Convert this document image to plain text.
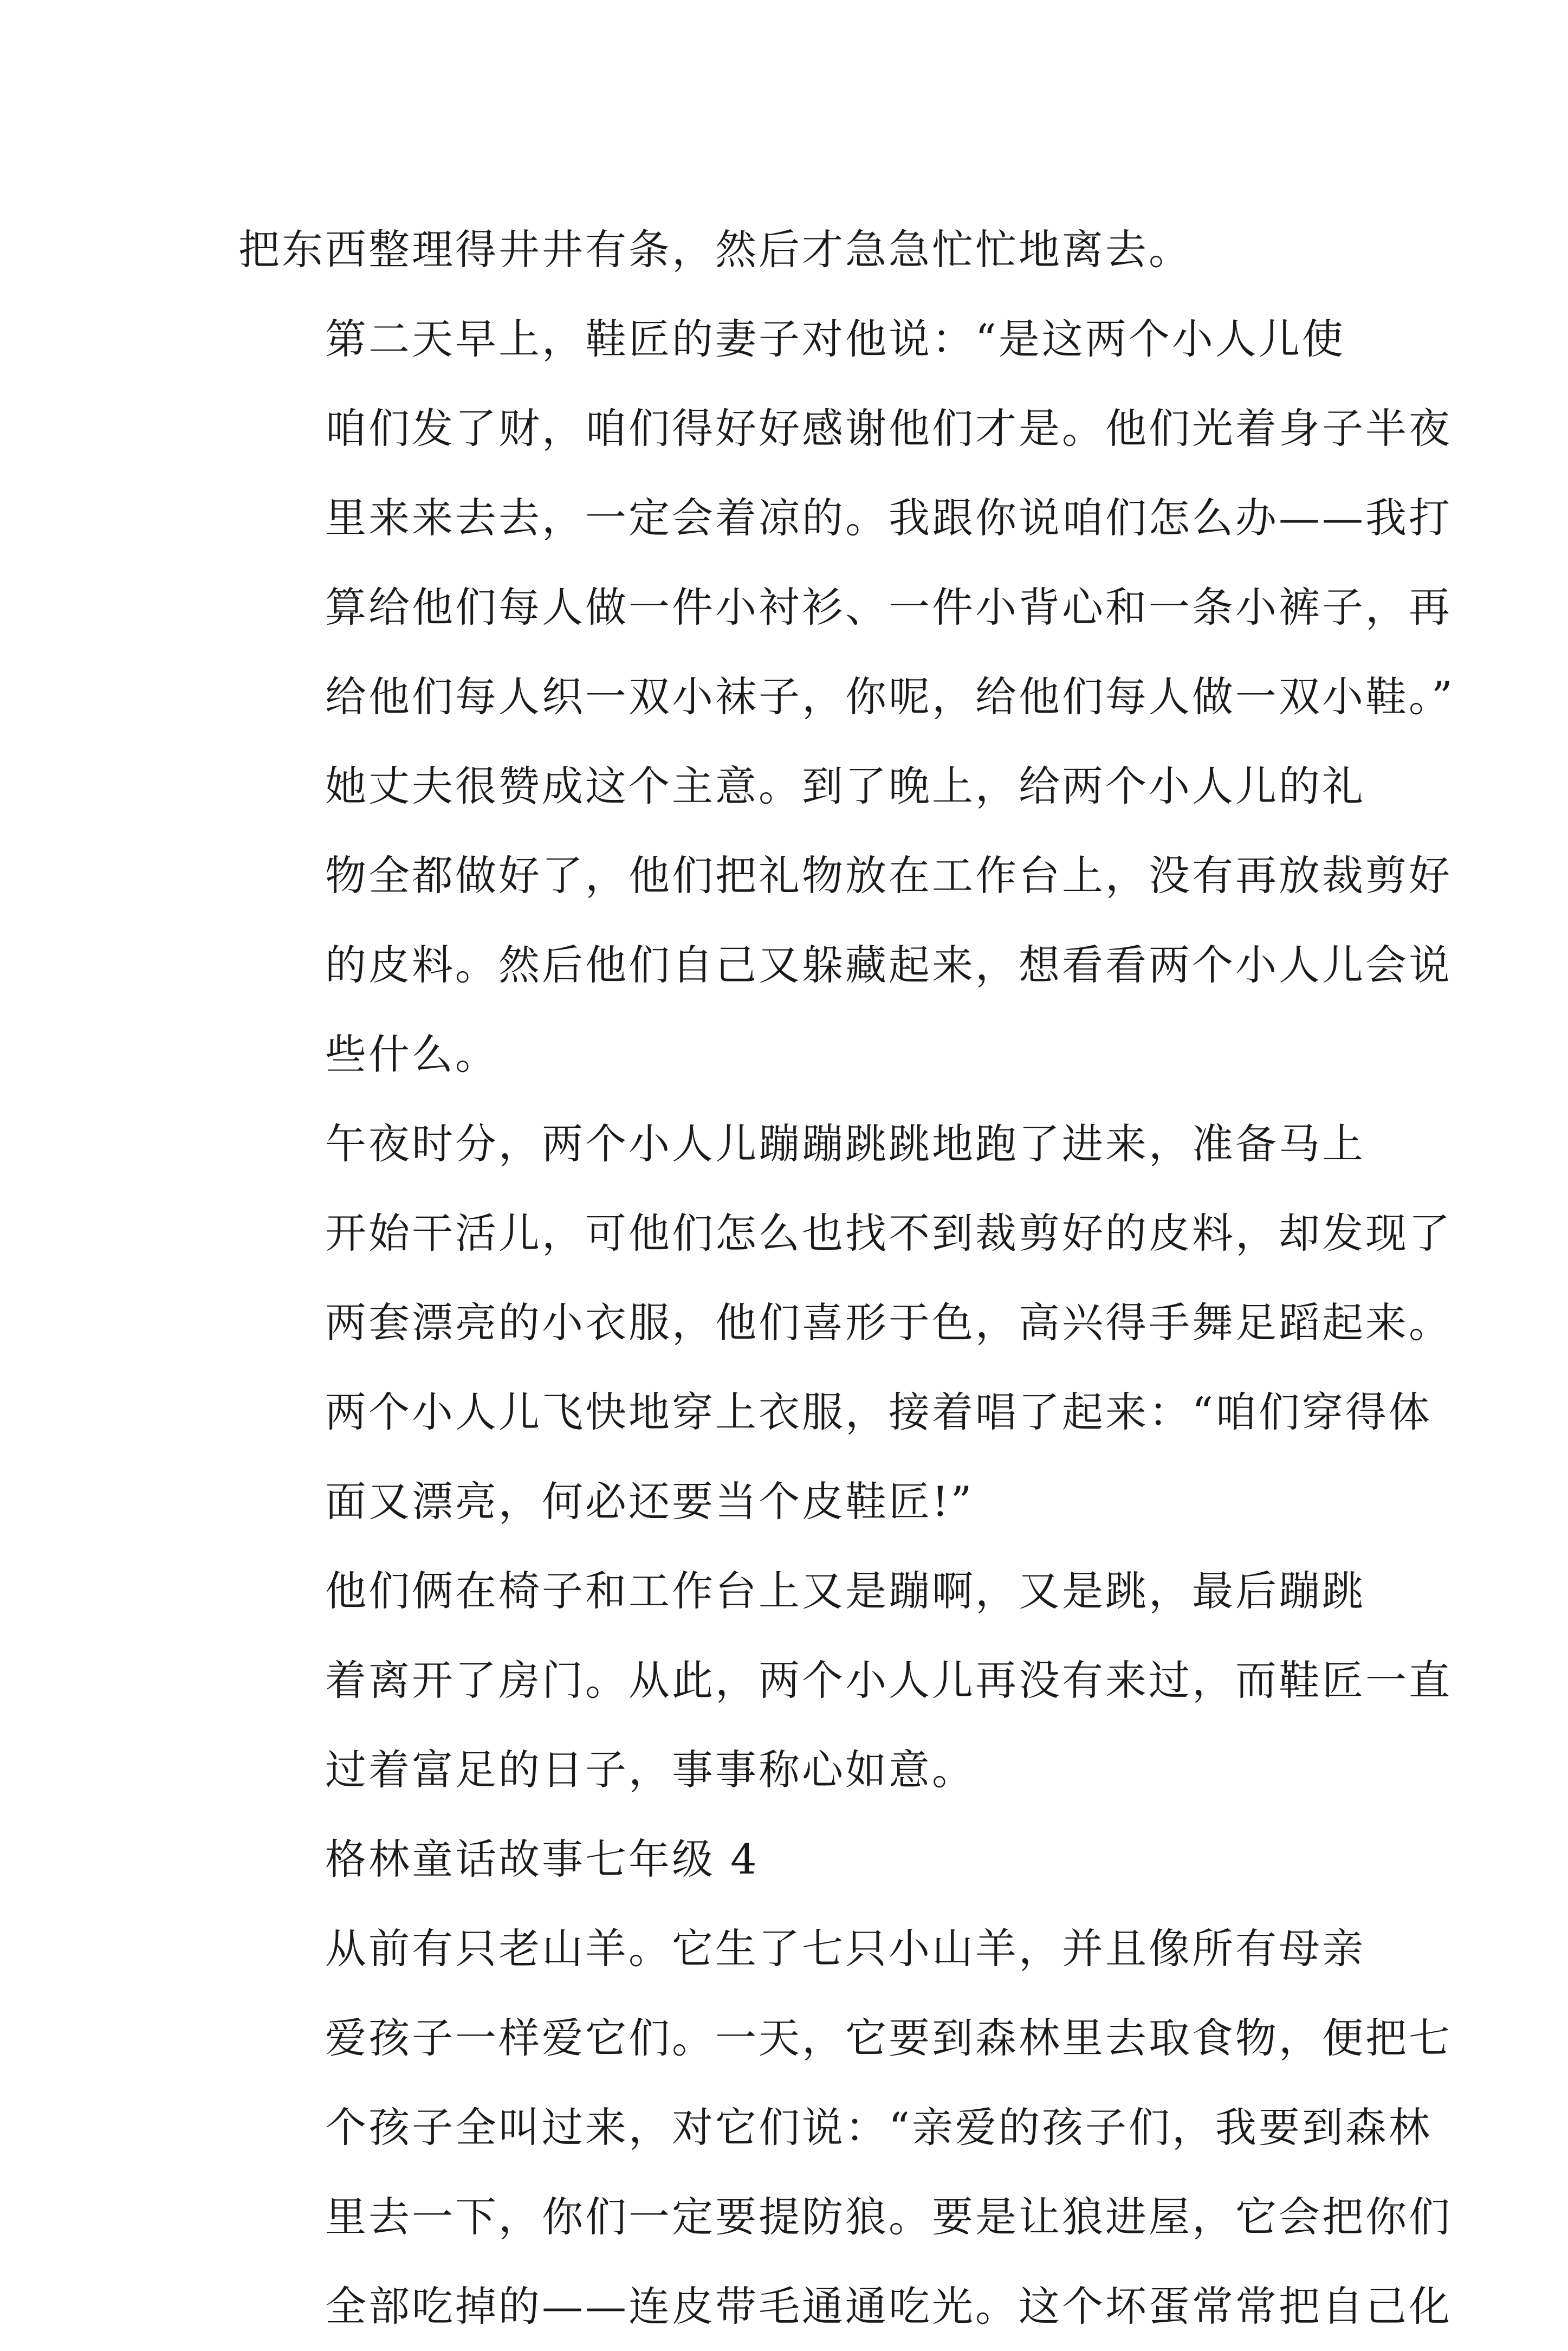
把东西整理得井井有条，然后才急急忙忙地离去。

第二天早上，鞋匠的妻子对他说：“是这两个小人儿使
咱们发了财，咱们得好好感谢他们才是。他们光着身子半夜
里来来去去，一定会着凉的。我跟你说咱们怎么办——我打
算给他们每人做一件小衬衫、一件小背心和一条小裤子，再
给他们每人织一双小袜子，你呢，给他们每人做一双小鞋。”

她丈夫很赞成这个主意。到了晚上，给两个小人儿的礼
物全都做好了，他们把礼物放在工作台上，没有再放裁剪好
的皮料。然后他们自己又躲藏起来，想看看两个小人儿会说
些什么。

午夜时分，两个小人儿蹦蹦跳跳地跑了进来，准备马上
开始干活儿，可他们怎么也找不到裁剪好的皮料，却发现了
两套漂亮的小衣服，他们喜形于色，高兴得手舞足蹈起来。
两个小人儿飞快地穿上衣服，接着唱了起来：“咱们穿得体
面又漂亮，何必还要当个皮鞋匠!”

他们俩在椅子和工作台上又是蹦啊，又是跳，最后蹦跳
着离开了房门。从此，两个小人儿再没有来过，而鞋匠一直
过着富足的日子，事事称心如意。

格林童话故事七年级 4

从前有只老山羊。它生了七只小山羊，并且像所有母亲
爱孩子一样爱它们。一天，它要到森林里去取食物，便把七
个孩子全叫过来，对它们说：“亲爱的孩子们，我要到森林
里去一下，你们一定要提防狼。要是让狼进屋，它会把你们
全部吃掉的——连皮带毛通通吃光。这个坏蛋常常把自己化
